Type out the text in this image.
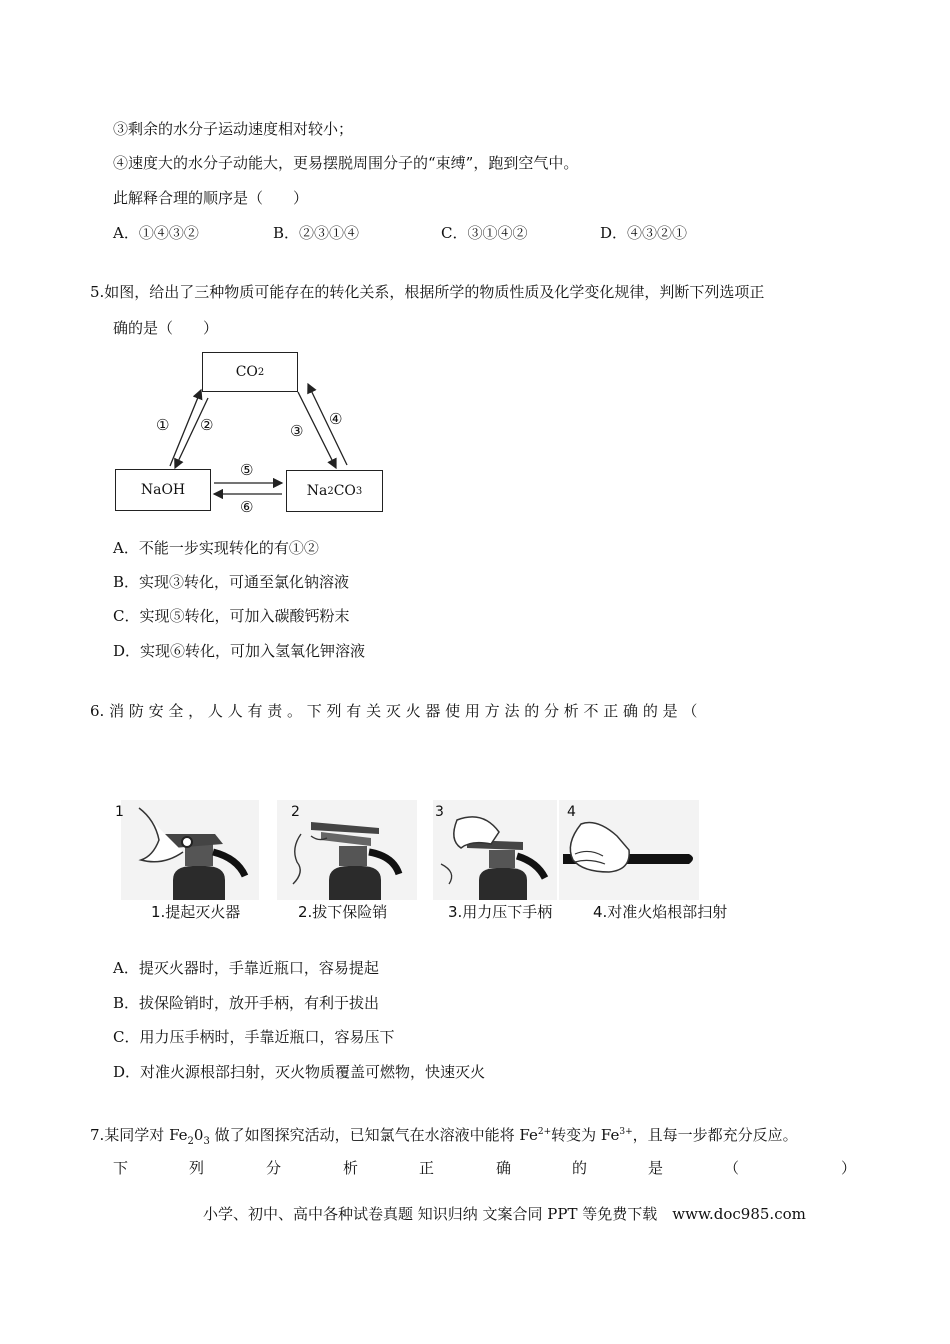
③剩余的水分子运动速度相对较小；
④速度大的水分子动能大，更易摆脱周围分子的“束缚”，跑到空气中。
此解释合理的顺序是（　　）
A．①④③②	B．②③①④	C．③①④②	D．④③②①
5.如图，给出了三种物质可能存在的转化关系，根据所学的物质性质及化学变化规律，判断下列选项正
确的是（　　）
CO 2
NaOH	Na 2 CO 3
① ②	③
④
⑤
⑥
A．不能一步实现转化的有①②
B．实现③转化，可通至氯化钠溶液
C．实现⑤转化，可加入碳酸钙粉末
D．实现⑥转化，可加入氢氧化钾溶液
6. 消 防 安 全 ， 人 人 有 责 。 下 列 有 关 灭 火 器 使 用 方 法 的 分 析 不 正 确 的 是 （
1	2	3	4
1.提起灭火器	2.拔下保险销	3.用力压下手柄	4.对准火焰根部扫射
A．提灭火器时，手靠近瓶口，容易提起
B．拔保险销时，放开手柄，有利于拔出
C．用力压手柄时，手靠近瓶口，容易压下
D．对准火源根部扫射，灭火物质覆盖可燃物，快速灭火
7.某同学对 $Fe_20_3$ 做了如图探究活动，已知氯气在水溶液中能将 $Fe^{2+}$转变为 $Fe^{3+}$，且每一步都充分反应。
下	列	分	析	正	确	的	是	（	）
小学、初中、高中各种试卷真题 知识归纳 文案合同 PPT 等免费下载　www.doc985.com
